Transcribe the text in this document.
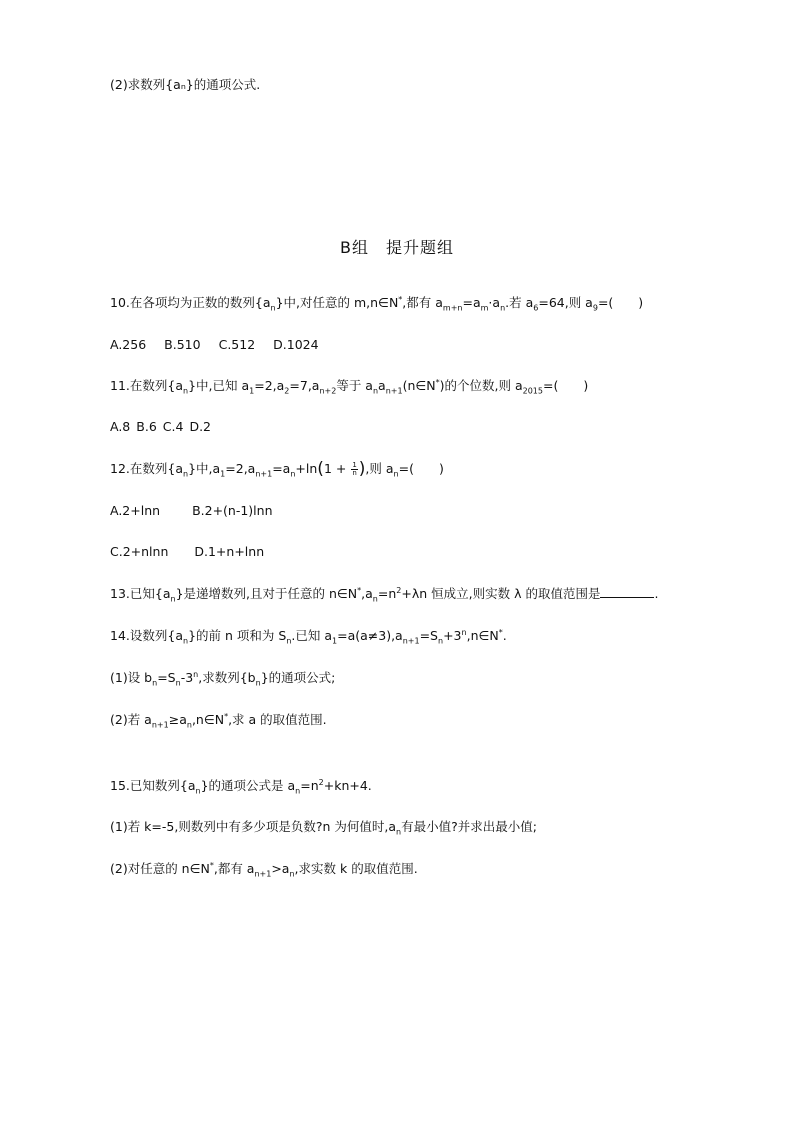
(2)求数列{aₙ}的通项公式.
B组　提升题组
10.在各项均为正数的数列$\{a_n\}$中,对任意的 m,n∈N*,都有 $a_{m+n}=a_m\cdot a_n$.若 $a_6=64$,则 $a_9=$(　　)
A.256 B.510 C.512 D.1024
11.在数列$\{a_n\}$中,已知 $a_1=2,a_2=7,a_{n+2}$等于 $a_na_{n+1}(n\in N^*)$的个位数,则 $a_{2015}=$(　　)
A.8 B.6 C.4 D.2
12.在数列$\{a_n\}$中$,a_1=2,a_{n+1}=a_n+\ln(1 + \frac{1}{n}$ ),则 $a_n=$(　　)
A.2+lnn	B.2+(n-1)lnn
C.2+nlnn D.1+n+lnn
13.已知$\{a_n\}$是递增数列,且对于任意的 $n\in N^*,a_n=n^2+\lambda n$ 恒成立,则实数 λ 的取值范围是	.
14.设数列$\{a_n\}$的前 n 项和为 $S_n$.已知 $a_1=a(a\ne 3),a_{n+1}=S_n+3^n,n\in N^*$.
(1)设 $b_n=S_n-3^n$,求数列$\{b_n\}$的通项公式;
(2)若 $a_{n+1}\ge a_n,n\in N^*$,求 a 的取值范围.
15.已知数列$\{a_n\}$的通项公式是 $a_n=n^2+kn+4$.
(1)若 k=-5,则数列中有多少项是负数?n 为何值时$,a_n$有最小值?并求出最小值;
(2)对任意的 n∈N*,都有 $a_{n+1}>a_n$,求实数 k 的取值范围.
